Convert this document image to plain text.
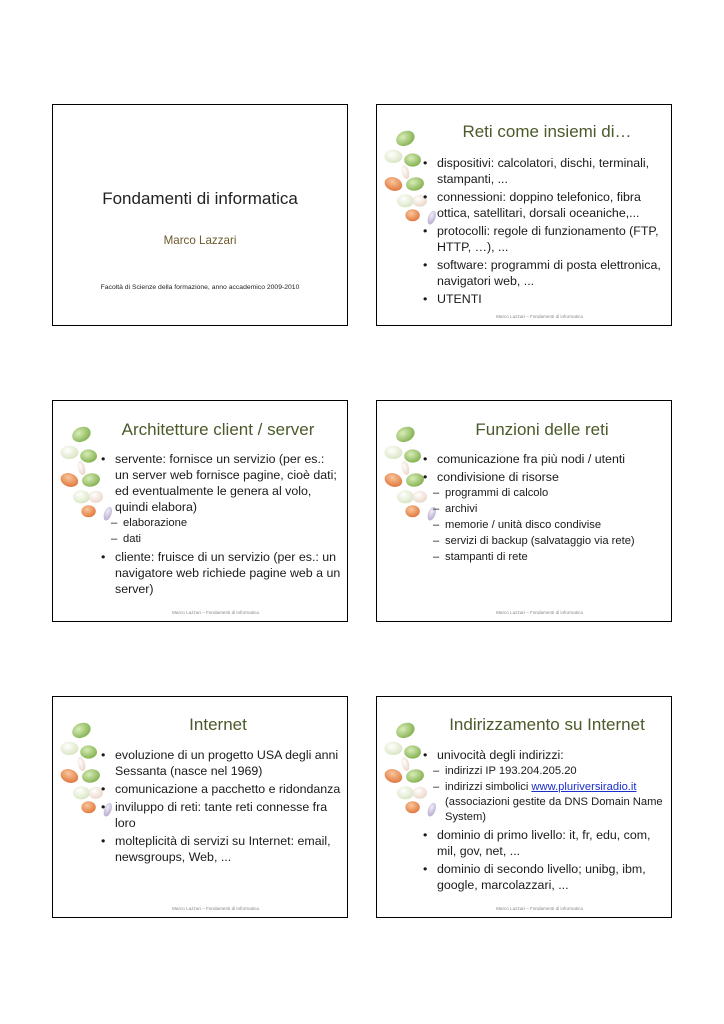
Fondamenti di informatica
Marco Lazzari
Facoltà di Scienze della formazione, anno accademico 2009-2010
Reti come insiemi di…
• dispositivi: calcolatori, dischi, terminali, stampanti, ...
• connessioni: doppino telefonico, fibra ottica, satellitari, dorsali oceaniche,...
• protocolli: regole di funzionamento (FTP, HTTP, …), ...
• software: programmi di posta elettronica, navigatori web, ...
• UTENTI
Marco Lazzari – Fondamenti di informatica
Architetture client / server
• servente: fornisce un servizio (per es.: un server web fornisce pagine, cioè dati; ed eventualmente le genera al volo, quindi elabora)
– elaborazione
– dati
• cliente: fruisce di un servizio (per es.: un navigatore web richiede pagine web a un server)
Marco Lazzari – Fondamenti di informatica
Funzioni delle reti
• comunicazione fra più nodi / utenti
• condivisione di risorse
– programmi di calcolo
– archivi
– memorie / unità disco condivise
– servizi di backup (salvataggio via rete)
– stampanti di rete
Marco Lazzari – Fondamenti di informatica
Internet
• evoluzione di un progetto USA degli anni Sessanta (nasce nel 1969)
• comunicazione a pacchetto e ridondanza
• inviluppo di reti: tante reti connesse fra loro
• molteplicità di servizi su Internet: email, newsgroups, Web, ...
Marco Lazzari – Fondamenti di informatica
Indirizzamento su Internet
• univocità degli indirizzi:
– indirizzi IP 193.204.205.20
– indirizzi simbolici www.pluriversiradio.it
(associazioni gestite da DNS Domain Name System)
• dominio di primo livello: it, fr, edu, com, mil, gov, net, ...
• dominio di secondo livello; unibg, ibm, google, marcolazzari, ...
Marco Lazzari – Fondamenti di informatica
